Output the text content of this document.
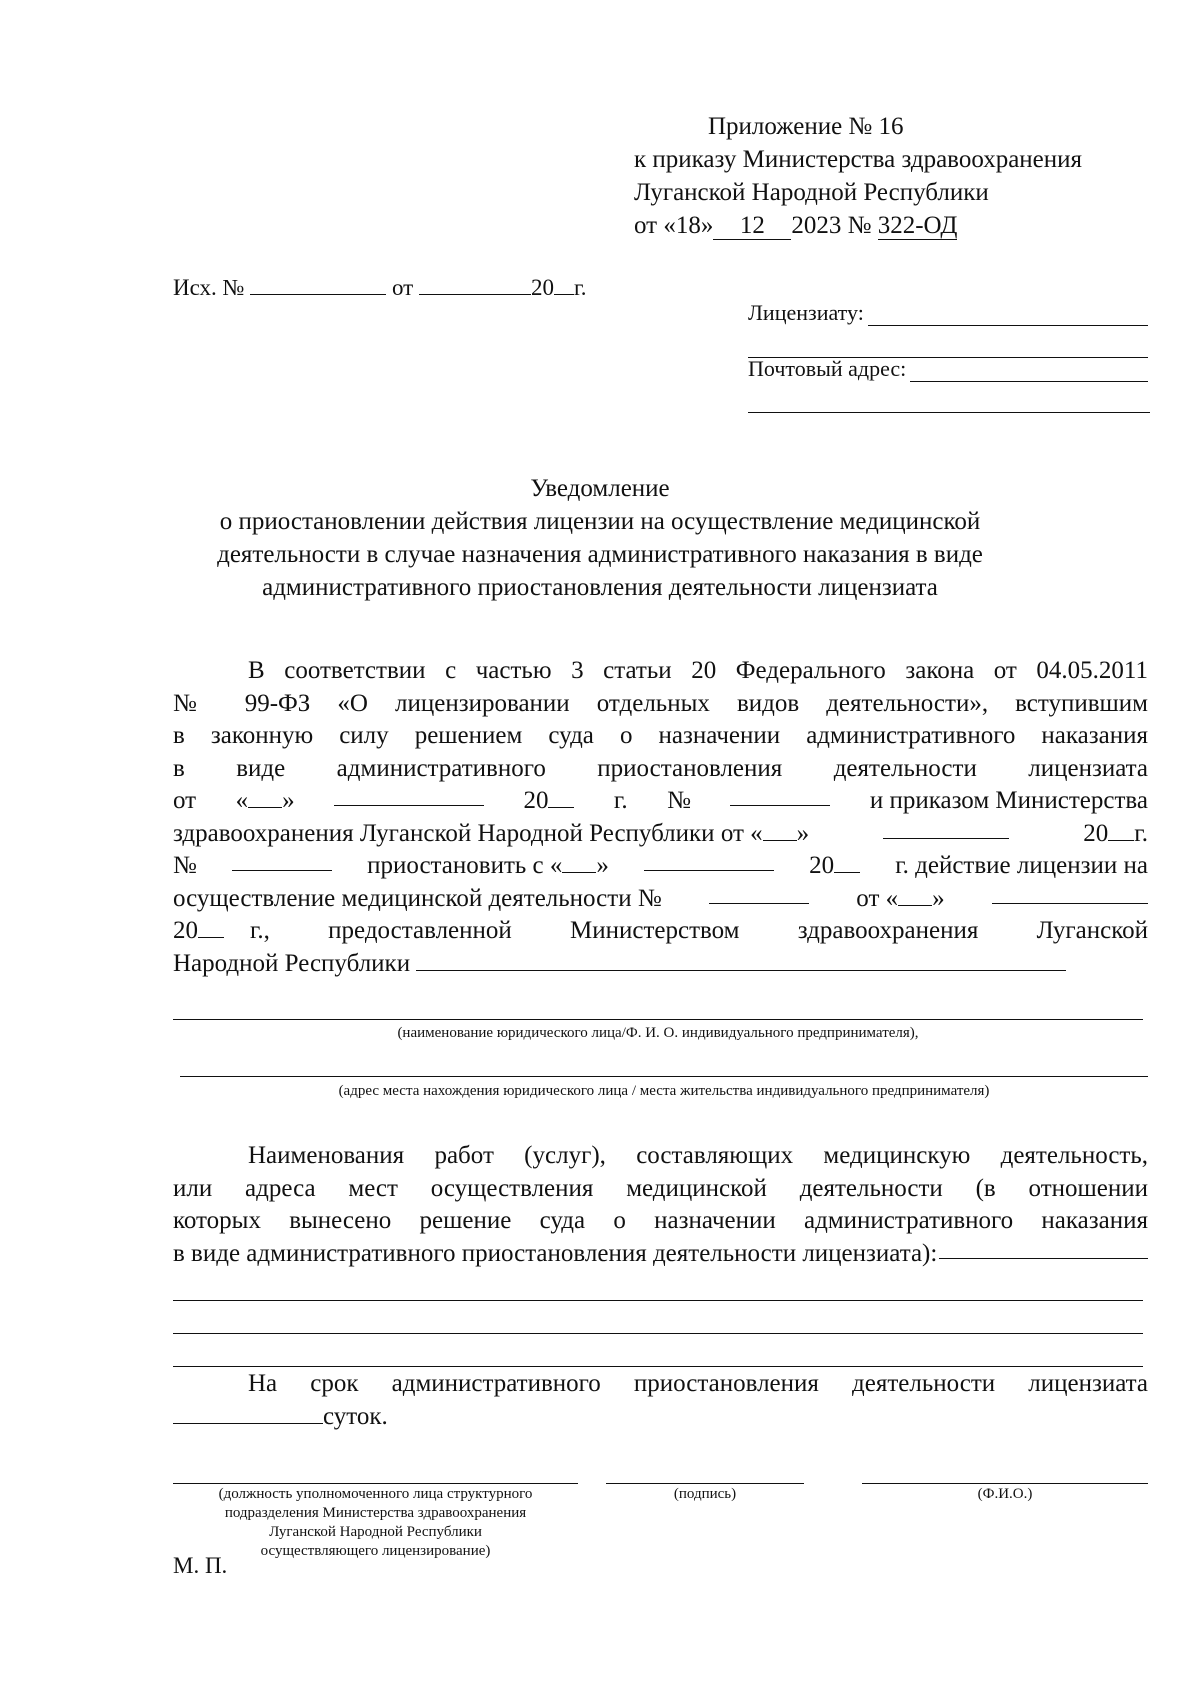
Приложение № 16
к приказу Министерства здравоохранения
Луганской Народной Республики
от «18» 12 2023 № 322-ОД
Исх. №	от	20 г.
Лицензиату:
Почтовый адрес:
Уведомление
о приостановлении действия лицензии на осуществление медицинской
деятельности в случае назначения административного наказания в виде
административного приостановления деятельности лицензиата
В соответствии с частью 3 статьи 20 Федерального закона от 04.05.2011
№ 99-ФЗ «О лицензировании отдельных видов деятельности», вступившим
в законную силу решением суда о назначении административного наказания
в виде административного приостановления деятельности лицензиата
от « »	20	г. №	и приказом Министерства
здравоохранения Луганской Народной Республики от « »	20 г.
№	приостановить с « »	20	г. действие лицензии на
осуществление медицинской деятельности №	от « »
20	г., предоставленной Министерством здравоохранения Луганской
Народной Республики
(наименование юридического лица/Ф. И. О. индивидуального предпринимателя),
(адрес места нахождения юридического лица / места жительства индивидуального предпринимателя)
Наименования работ (услуг), составляющих медицинскую деятельность,
или адреса мест осуществления медицинской деятельности (в отношении
которых вынесено решение суда о назначении административного наказания
в виде административного приостановления деятельности лицензиата):
На срок административного приостановления деятельности лицензиата
суток.
(должность уполномоченного лица структурного
подразделения Министерства здравоохранения
Луганской Народной Республики
осуществляющего лицензирование)
(подпись)	(Ф.И.О.)
М. П.
